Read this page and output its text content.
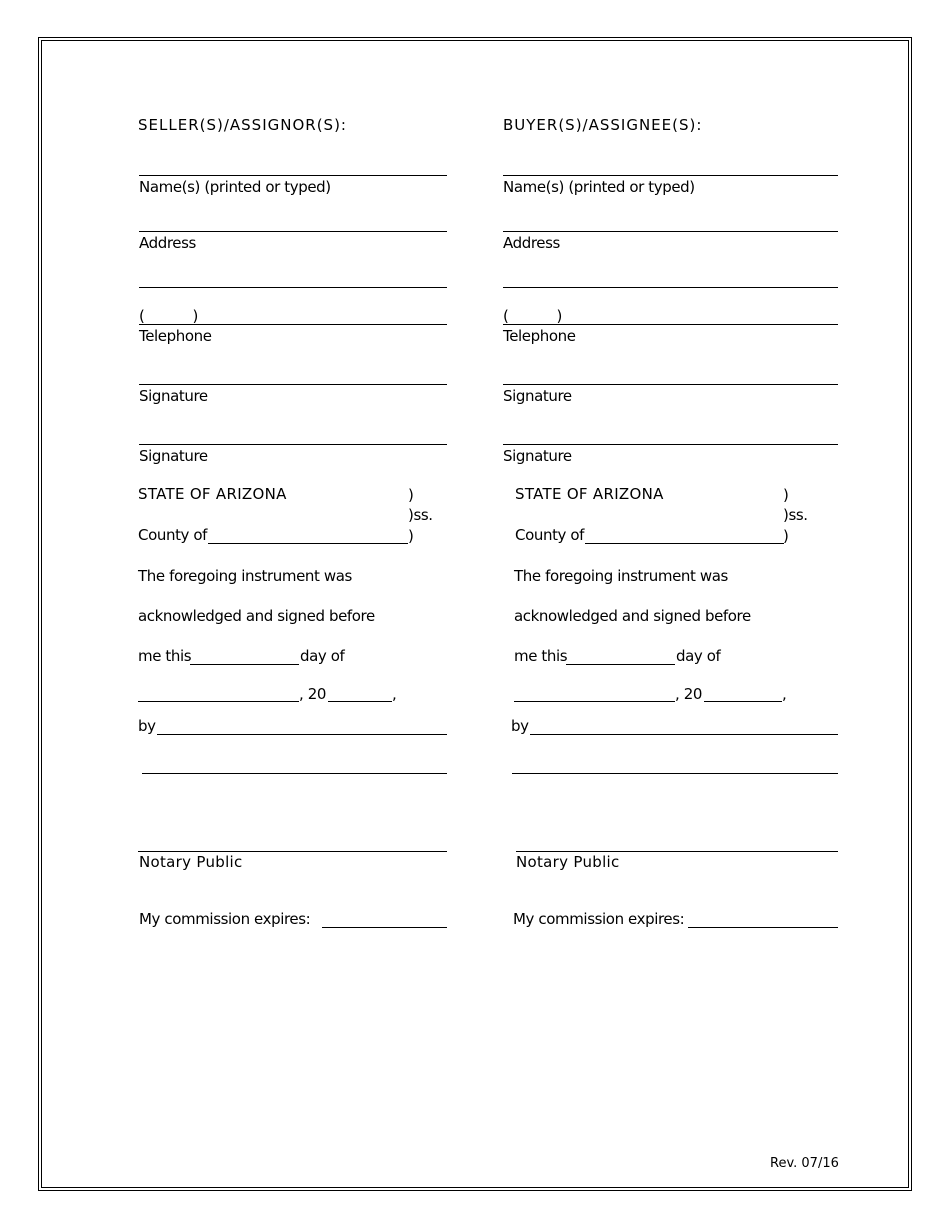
SELLER(S)/ASSIGNOR(S):
Name(s) (printed or typed)
Address
(           )
Telephone
Signature
Signature
BUYER(S)/ASSIGNEE(S):
Name(s) (printed or typed)
Address
(           )
Telephone
Signature
Signature
STATE OF ARIZONA	)
)ss.
County of	)
The foregoing instrument was
acknowledged and signed before
me this	day of
, 20	,
by
Notary Public
My commission expires:
STATE OF ARIZONA	)
)ss.
County of	)
The foregoing instrument was
acknowledged and signed before
me this	day of
, 20	,
by
Notary Public
My commission expires:
Rev. 07/16
